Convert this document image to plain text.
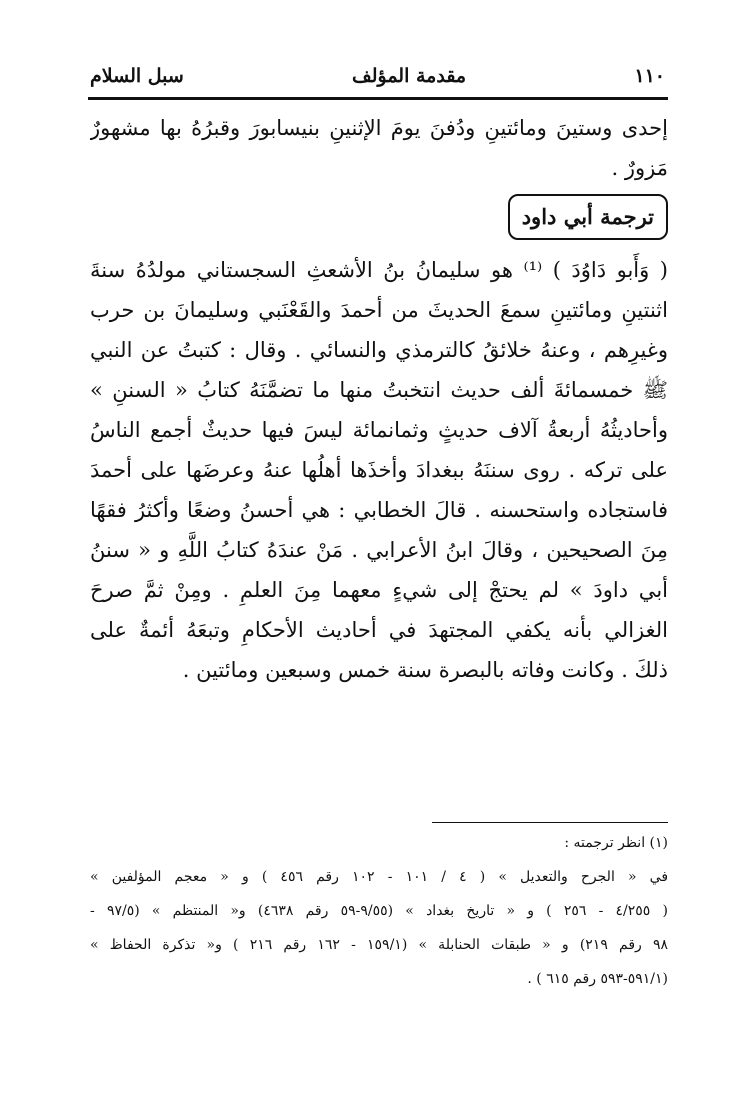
١١٠
مقدمة المؤلف
سبل السلام
إحدى وستينَ ومائتينِ ودُفنَ يومَ الإثنينِ بنيسابورَ وقبرُهُ بها مشهورٌ
مَزورٌ .
ترجمة أبي داود
( وَأَبو دَاوُدَ ) ⁽¹⁾ هو سليمانُ بنُ الأشعثِ السجستاني مولدُهُ سنةَ
اثنتينِ ومائتينِ سمعَ الحديثَ من أحمدَ والقَعْنَبي وسليمانَ بن حرب
وغيرِهم ، وعنهُ خلائقُ كالترمذي والنسائي . وقال : كتبتُ عن النبي
ﷺ خمسمائةَ ألف حديث انتخبتُ منها ما تضمَّنَهُ كتابُ « السننِ »
وأحاديثُهُ أربعةُ آلاف حديثٍ وثمانمائة ليسَ فيها حديثٌ أجمع الناسُ
على تركه . روى سننَهُ ببغدادَ وأخذَها أهلُها عنهُ وعرضَها على أحمدَ
فاستجاده واستحسنه . قالَ الخطابي : هي أحسنُ وضعًا وأكثرُ فقهًا
مِنَ الصحيحين ، وقالَ ابنُ الأعرابي . مَنْ عندَهُ كتابُ اللَّهِ و « سننُ
أبي داودَ » لم يحتجْ إلى شيءٍ معهما مِنَ العلمِ . ومِنْ ثمَّ صرحَ
الغزالي بأنه يكفي المجتهدَ في أحاديث الأحكامِ وتبعَهُ أئمةٌ على
ذلكَ . وكانت وفاته بالبصرة سنة خمس وسبعين ومائتين .
(١) انظر ترجمته :
في « الجرح والتعديل » ( ٤ / ١٠١ - ١٠٢ رقم ٤٥٦ ) و « معجم المؤلفين »
( ٤/٢٥٥ - ٢٥٦ ) و « تاريخ بغداد » (٩/٥٥-٥٩ رقم ٤٦٣٨) و« المنتظم » (٩٧/٥ -
٩٨ رقم ٢١٩) و « طبقات الحنابلة » (١٥٩/١ - ١٦٢ رقم ٢١٦ ) و« تذكرة الحفاظ »
(٥٩١/١-٥٩٣ رقم ٦١٥ ) .
